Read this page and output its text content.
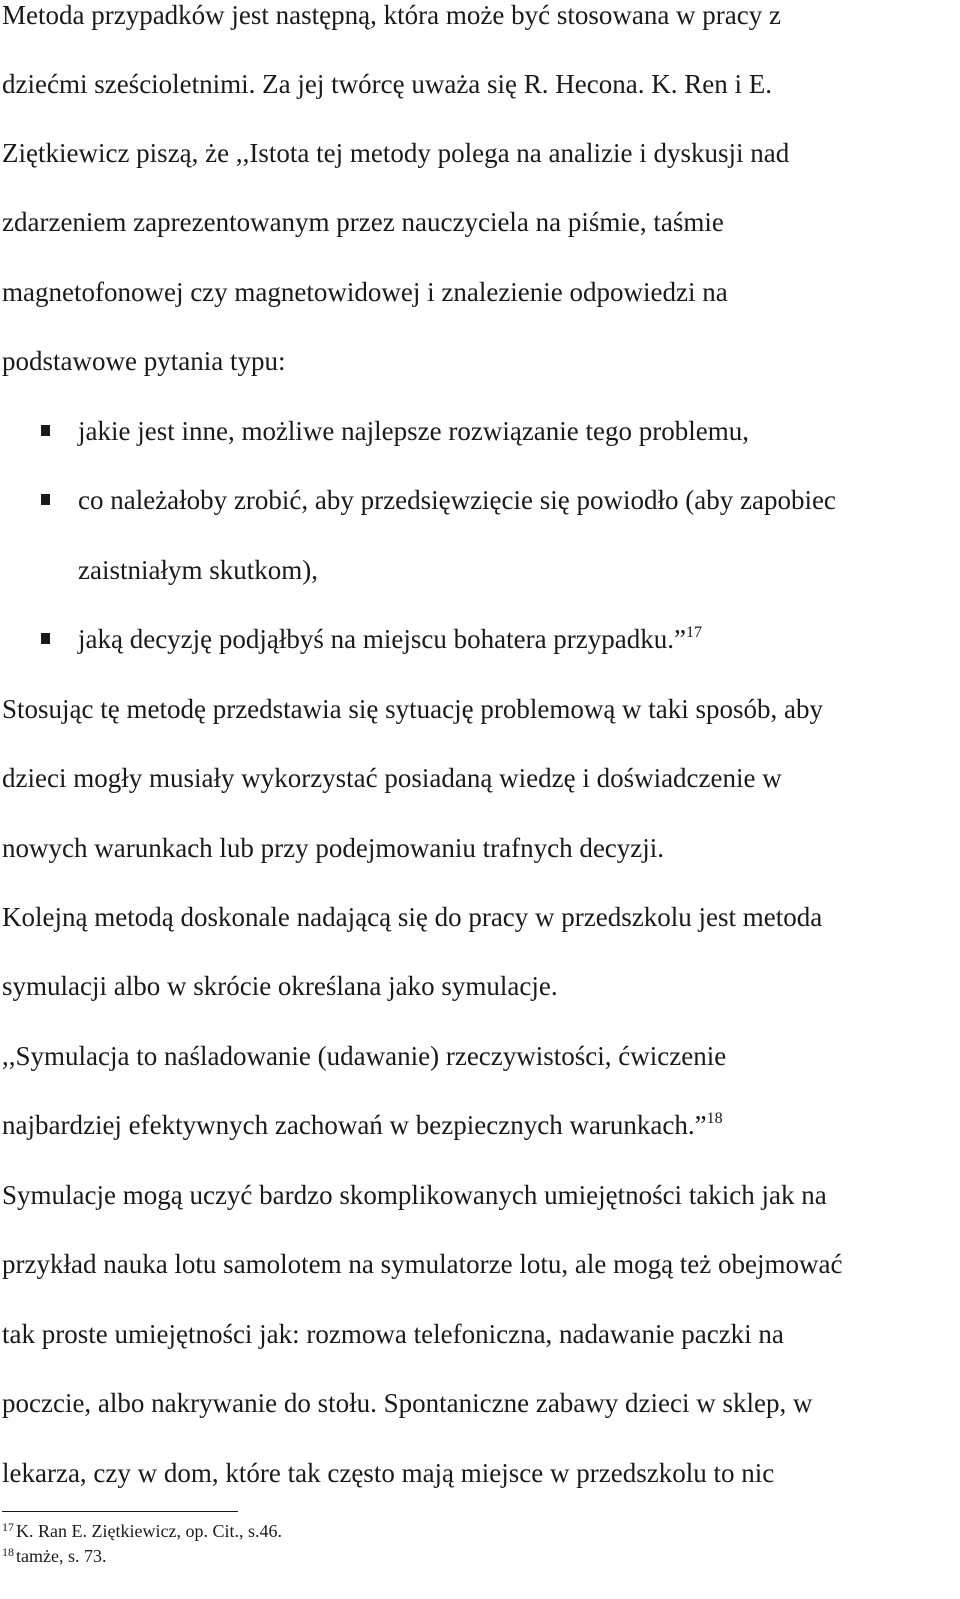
Metoda przypadków jest następną, która może być stosowana w pracy z
dziećmi sześcioletnimi. Za jej twórcę uważa się R. Hecona. K. Ren i E.
Ziętkiewicz piszą, że ,,Istota tej metody polega na analizie i dyskusji nad
zdarzeniem zaprezentowanym przez nauczyciela na piśmie, taśmie
magnetofonowej czy magnetowidowej i znalezienie odpowiedzi na
podstawowe pytania typu:
jakie jest inne, możliwe najlepsze rozwiązanie tego problemu,
co należałoby zrobić, aby przedsięwzięcie się powiodło (aby zapobiec
zaistniałym skutkom),
jaką decyzję podjąłbyś na miejscu bohatera przypadku.”$^{17}$
Stosując tę metodę przedstawia się sytuację problemową w taki sposób, aby
dzieci mogły musiały wykorzystać posiadaną wiedzę i doświadczenie w
nowych warunkach lub przy podejmowaniu trafnych decyzji.
Kolejną metodą doskonale nadającą się do pracy w przedszkolu jest metoda
symulacji albo w skrócie określana jako symulacje.
,,Symulacja to naśladowanie (udawanie) rzeczywistości, ćwiczenie
najbardziej efektywnych zachowań w bezpiecznych warunkach.”$^{18}$
Symulacje mogą uczyć bardzo skomplikowanych umiejętności takich jak na
przykład nauka lotu samolotem na symulatorze lotu, ale mogą też obejmować
tak proste umiejętności jak: rozmowa telefoniczna, nadawanie paczki na
poczcie, albo nakrywanie do stołu. Spontaniczne zabawy dzieci w sklep, w
lekarza, czy w dom, które tak często mają miejsce w przedszkolu to nic
$^{17}$ K. Ran E. Ziętkiewicz, op. Cit., s.46.
$^{18}$ tamże, s. 73.
